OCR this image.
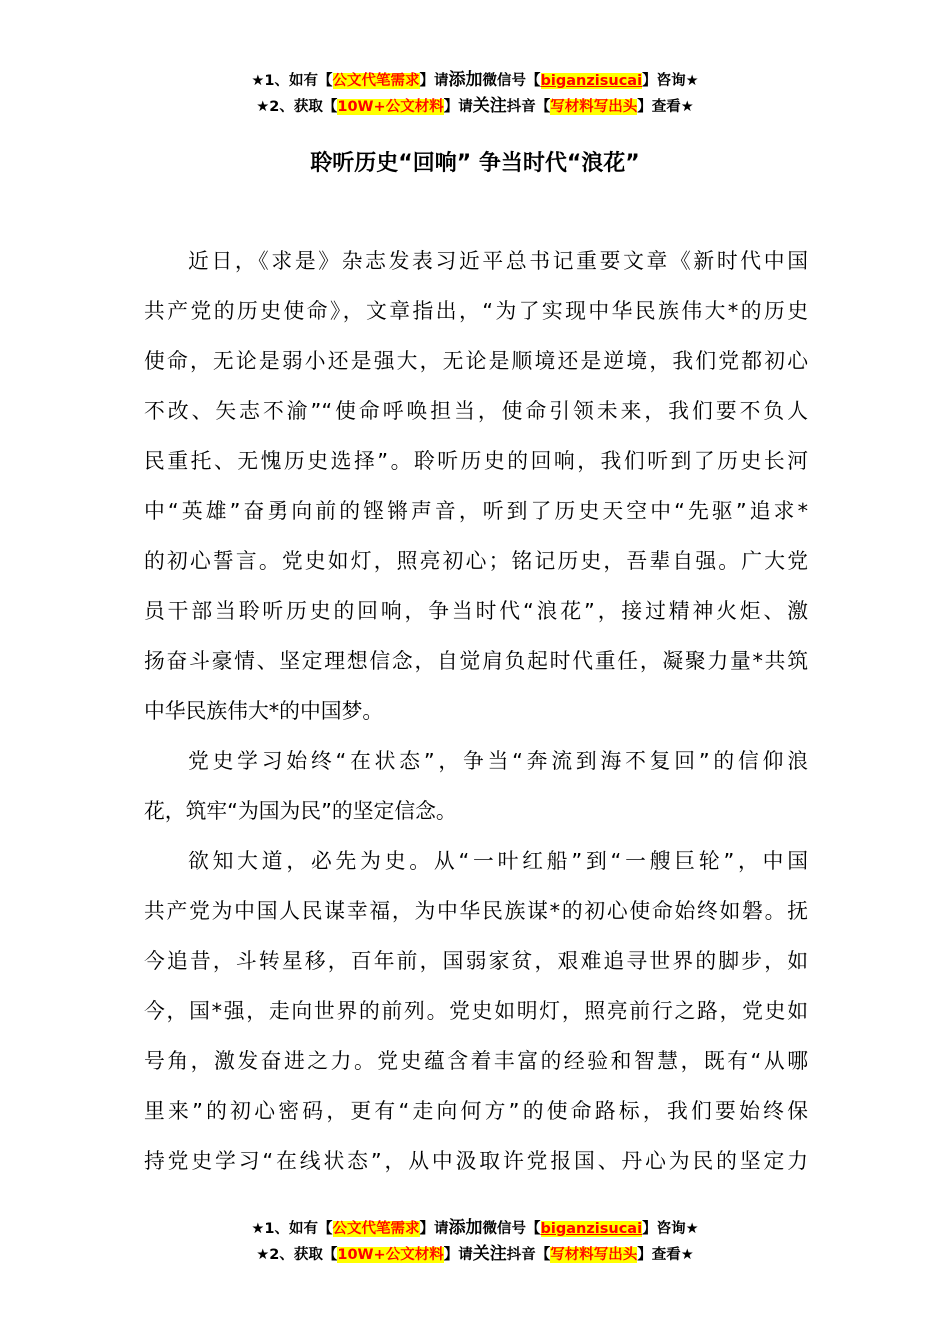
★1、如有【公文代笔需求】请添加微信号【biganzisucai】咨询★
★2、获取【10W+公文材料】请关注抖音【写材料写出头】查看★
聆听历史“回响” 争当时代“浪花”
近日，《求是》杂志发表习近平总书记重要文章《新时代中国
共产党的历史使命》，文章指出，“为了实现中华民族伟大*的历史
使命，无论是弱小还是强大，无论是顺境还是逆境，我们党都初心
不改、矢志不渝”“使命呼唤担当，使命引领未来，我们要不负人
民重托、无愧历史选择”。聆听历史的回响，我们听到了历史长河
中“英雄”奋勇向前的铿锵声音，听到了历史天空中“先驱”追求*
的初心誓言。党史如灯，照亮初心；铭记历史，吾辈自强。广大党
员干部当聆听历史的回响，争当时代“浪花”，接过精神火炬、激
扬奋斗豪情、坚定理想信念，自觉肩负起时代重任，凝聚力量*共筑
中华民族伟大*的中国梦。
党史学习始终“在状态”，争当“奔流到海不复回”的信仰浪
花，筑牢“为国为民”的坚定信念。
欲知大道，必先为史。从“一叶红船”到“一艘巨轮”，中国
共产党为中国人民谋幸福，为中华民族谋*的初心使命始终如磐。抚
今追昔，斗转星移，百年前，国弱家贫，艰难追寻世界的脚步，如
今，国*强，走向世界的前列。党史如明灯，照亮前行之路，党史如
号角，激发奋进之力。党史蕴含着丰富的经验和智慧，既有“从哪
里来”的初心密码，更有“走向何方”的使命路标，我们要始终保
持党史学习“在线状态”，从中汲取许党报国、丹心为民的坚定力
★1、如有【公文代笔需求】请添加微信号【biganzisucai】咨询★
★2、获取【10W+公文材料】请关注抖音【写材料写出头】查看★
